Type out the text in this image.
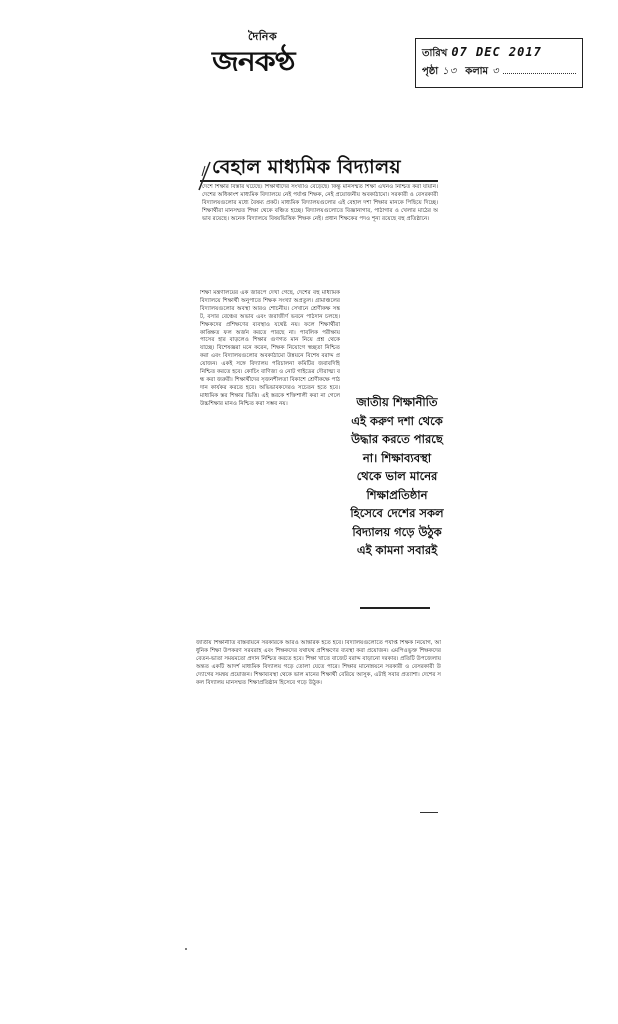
দৈনিক
জনকণ্ঠ	তারিখ 07 DEC 2017
পৃষ্ঠা ১৩ কলাম ৩
বেহাল মাধ্যমিক বিদ্যালয়
দেশে শিক্ষার বিস্তার ঘটেছে। শিক্ষার্থীদের সংখ্যাও বেড়েছে। কিন্তু মানসম্মত শিক্ষা এখনও নিশ্চিত করা যায়নি। দেশের অধিকাংশ মাধ্যমিক বিদ্যালয়ে নেই পর্যাপ্ত শিক্ষক, নেই প্রয়োজনীয় অবকাঠামো। সরকারী ও বেসরকারী বিদ্যালয়গুলোর মধ্যে বৈষম্য প্রকট। মাধ্যমিক বিদ্যালয়গুলোর এই বেহাল দশা শিক্ষার মানকে পিছিয়ে দিচ্ছে। শিক্ষার্থীরা মানসম্মত শিক্ষা থেকে বঞ্চিত হচ্ছে। বিদ্যালয়গুলোতে বিজ্ঞানাগার, পাঠাগার ও খেলার মাঠের অভাব রয়েছে। অনেক বিদ্যালয়ে বিষয়ভিত্তিক শিক্ষক নেই। প্রধান শিক্ষকের পদও শূন্য রয়েছে বহু প্রতিষ্ঠানে।
শিক্ষা মন্ত্রণালয়ের এক জরিপে দেখা গেছে, দেশের বহু মাধ্যমিক বিদ্যালয়ে শিক্ষার্থী অনুপাতে শিক্ষক সংখ্যা অপ্রতুল। গ্রামাঞ্চলের বিদ্যালয়গুলোর অবস্থা আরও শোচনীয়। সেখানে শ্রেণীকক্ষ সঙ্কট, বসার বেঞ্চের অভাব এবং জরাজীর্ণ ভবনে পাঠদান চলছে। শিক্ষকদের প্রশিক্ষণের ব্যবস্থাও যথেষ্ট নয়। ফলে শিক্ষার্থীরা কাঙ্ক্ষিত ফল অর্জন করতে পারছে না। পাবলিক পরীক্ষায় পাসের হার বাড়লেও শিক্ষার গুণগত মান নিয়ে প্রশ্ন থেকে যাচ্ছে। বিশেষজ্ঞরা মনে করেন, শিক্ষক নিয়োগে স্বচ্ছতা নিশ্চিত করা এবং বিদ্যালয়গুলোর অবকাঠামো উন্নয়নে বিশেষ বরাদ্দ প্রয়োজন। একই সঙ্গে বিদ্যালয় পরিচালনা কমিটির জবাবদিহি নিশ্চিত করতে হবে। কোচিং বাণিজ্য ও নোট গাইডের দৌরাত্ম্য বন্ধ করা জরুরী। শিক্ষার্থীদের সৃজনশীলতা বিকাশে শ্রেণীকক্ষে পাঠদান কার্যকর করতে হবে। অভিভাবকদেরও সচেতন হতে হবে। মাধ্যমিক স্তর শিক্ষার ভিত্তি। এই স্তরকে শক্তিশালী করা না গেলে উচ্চশিক্ষার মানও নিশ্চিত করা সম্ভব নয়।	জাতীয় শিক্ষানীতি এই করুণ দশা থেকে উদ্ধার করতে পারছে না। শিক্ষাব্যবস্থা থেকে ভাল মানের শিক্ষাপ্রতিষ্ঠান হিসেবে দেশের সকল বিদ্যালয় গড়ে উঠুক এই কামনা সবারই
জাতীয় শিক্ষানীতি বাস্তবায়নে সরকারকে আরও আন্তরিক হতে হবে। বিদ্যালয়গুলোতে পর্যাপ্ত শিক্ষক নিয়োগ, আধুনিক শিক্ষা উপকরণ সরবরাহ এবং শিক্ষকদের যথাযথ প্রশিক্ষণের ব্যবস্থা করা প্রয়োজন। এমপিওভুক্ত শিক্ষকদের বেতন-ভাতা সময়মতো প্রদান নিশ্চিত করতে হবে। শিক্ষা খাতে বাজেট বরাদ্দ বাড়ানো দরকার। প্রতিটি উপজেলায় অন্তত একটি আদর্শ মাধ্যমিক বিদ্যালয় গড়ে তোলা যেতে পারে। শিক্ষার মানোন্নয়নে সরকারী ও বেসরকারী উদ্যোগের সমন্বয় প্রয়োজন। শিক্ষাব্যবস্থা থেকে ভাল মানের শিক্ষার্থী বেরিয়ে আসুক, এটাই সবার প্রত্যাশা। দেশের সকল বিদ্যালয় মানসম্মত শিক্ষাপ্রতিষ্ঠান হিসেবে গড়ে উঠুক।
